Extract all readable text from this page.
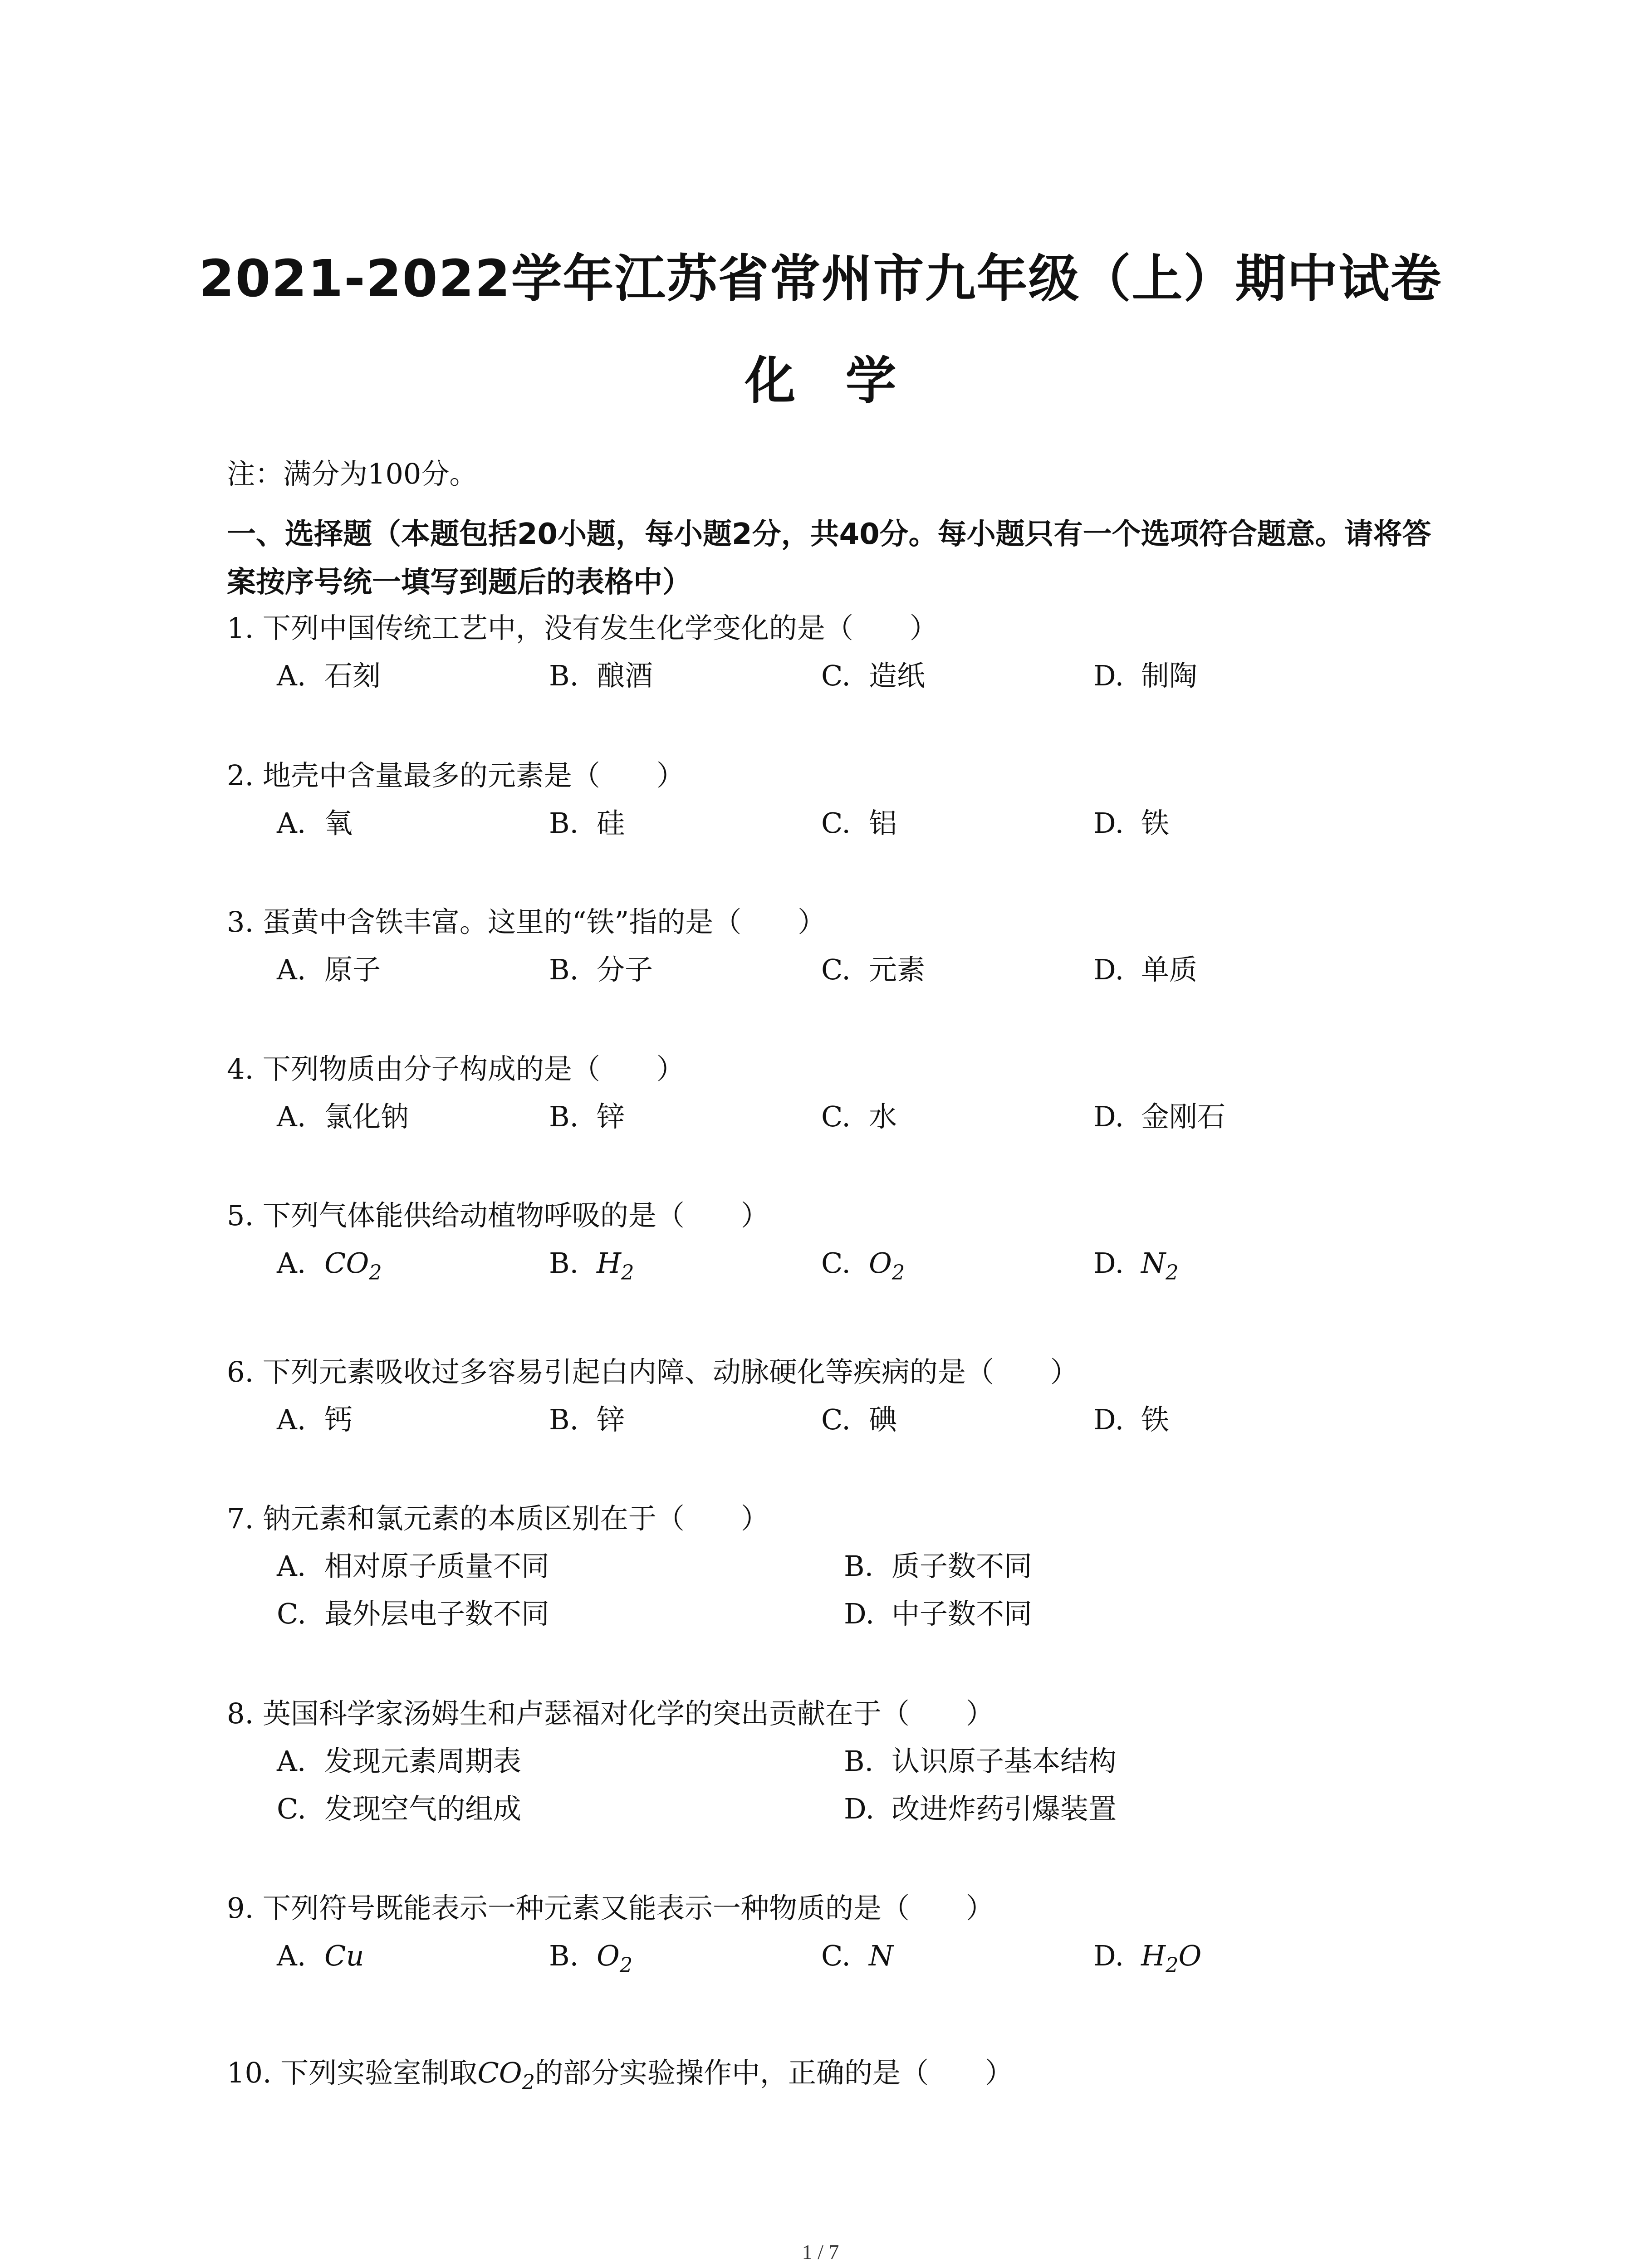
2021-2022学年江苏省常州市九年级（上）期中试卷
化学
注：满分为100分。
一、选择题（本题包括20小题，每小题2分，共40分。每小题只有一个选项符合题意。请将答案按序号统一填写到题后的表格中）
1. 下列中国传统工艺中，没有发生化学变化的是（　　）
A. 石刻	B. 酿酒	C. 造纸	D. 制陶
2. 地壳中含量最多的元素是（　　）
A. 氧	B. 硅	C. 铝	D. 铁
3. 蛋黄中含铁丰富。这里的“铁”指的是（　　）
A. 原子	B. 分子	C. 元素	D. 单质
4. 下列物质由分子构成的是（　　）
A. 氯化钠	B. 锌	C. 水	D. 金刚石
5. 下列气体能供给动植物呼吸的是（　　）
A. $CO_2$	B. $H_2$	C. $O_2$	D. $N_2$
6. 下列元素吸收过多容易引起白内障、动脉硬化等疾病的是（　　）
A. 钙	B. 锌	C. 碘	D. 铁
7. 钠元素和氯元素的本质区别在于（　　）
A. 相对原子质量不同	B. 质子数不同
C. 最外层电子数不同	D. 中子数不同
8. 英国科学家汤姆生和卢瑟福对化学的突出贡献在于（　　）
A. 发现元素周期表	B. 认识原子基本结构
C. 发现空气的组成	D. 改进炸药引爆装置
9. 下列符号既能表示一种元素又能表示一种物质的是（　　）
A. Cu	B. $O_2$	C. N	D. $H_2O$
10. 下列实验室制取$CO_2$的部分实验操作中，正确的是（　　）
1 / 7
